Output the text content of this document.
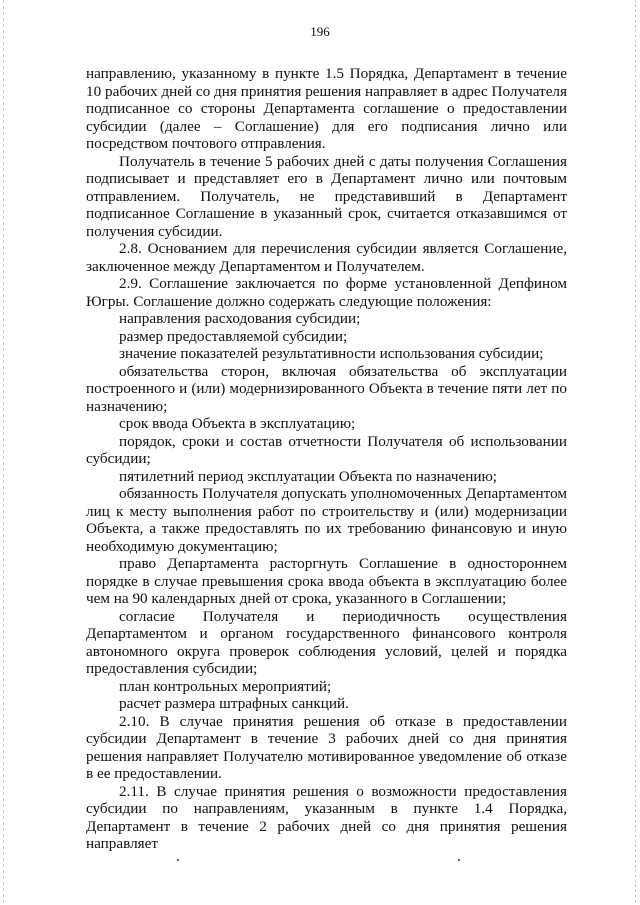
196

направлению, указанному в пункте 1.5 Порядка, Департамент в течение 10 рабочих дней со дня принятия решения направляет в адрес Получателя подписанное со стороны Департамента соглашение о предоставлении субсидии (далее – Соглашение) для его подписания лично или посредством почтового отправления.

Получатель в течение 5 рабочих дней с даты получения Соглашения подписывает и представляет его в Департамент лично или почтовым отправлением. Получатель, не представивший в Департамент подписанное Соглашение в указанный срок, считается отказавшимся от получения субсидии.

2.8. Основанием для перечисления субсидии является Соглашение, заключенное между Департаментом и Получателем.

2.9. Соглашение заключается по форме установленной Депфином Югры. Соглашение должно содержать следующие положения:

направления расходования субсидии;

размер предоставляемой субсидии;

значение показателей результативности использования субсидии;

обязательства сторон, включая обязательства об эксплуатации построенного и (или) модернизированного Объекта в течение пяти лет по назначению;

срок ввода Объекта в эксплуатацию;

порядок, сроки и состав отчетности Получателя об использовании субсидии;

пятилетний период эксплуатации Объекта по назначению;

обязанность Получателя допускать уполномоченных Департаментом лиц к месту выполнения работ по строительству и (или) модернизации Объекта, а также предоставлять по их требованию финансовую и иную необходимую документацию;

право Департамента расторгнуть Соглашение в одностороннем порядке в случае превышения срока ввода объекта в эксплуатацию более чем на 90 календарных дней от срока, указанного в Соглашении;

согласие Получателя и периодичность осуществления Департаментом и органом государственного финансового контроля автономного округа проверок соблюдения условий, целей и порядка предоставления субсидии;

план контрольных мероприятий;

расчет размера штрафных санкций.

2.10. В случае принятия решения об отказе в предоставлении субсидии Департамент в течение 3 рабочих дней со дня принятия решения направляет Получателю мотивированное уведомление об отказе в ее предоставлении.

2.11. В случае принятия решения о возможности предоставления субсидии по направлениям, указанным в пункте 1.4 Порядка, Департамент в течение 2 рабочих дней со дня принятия решения направляет
